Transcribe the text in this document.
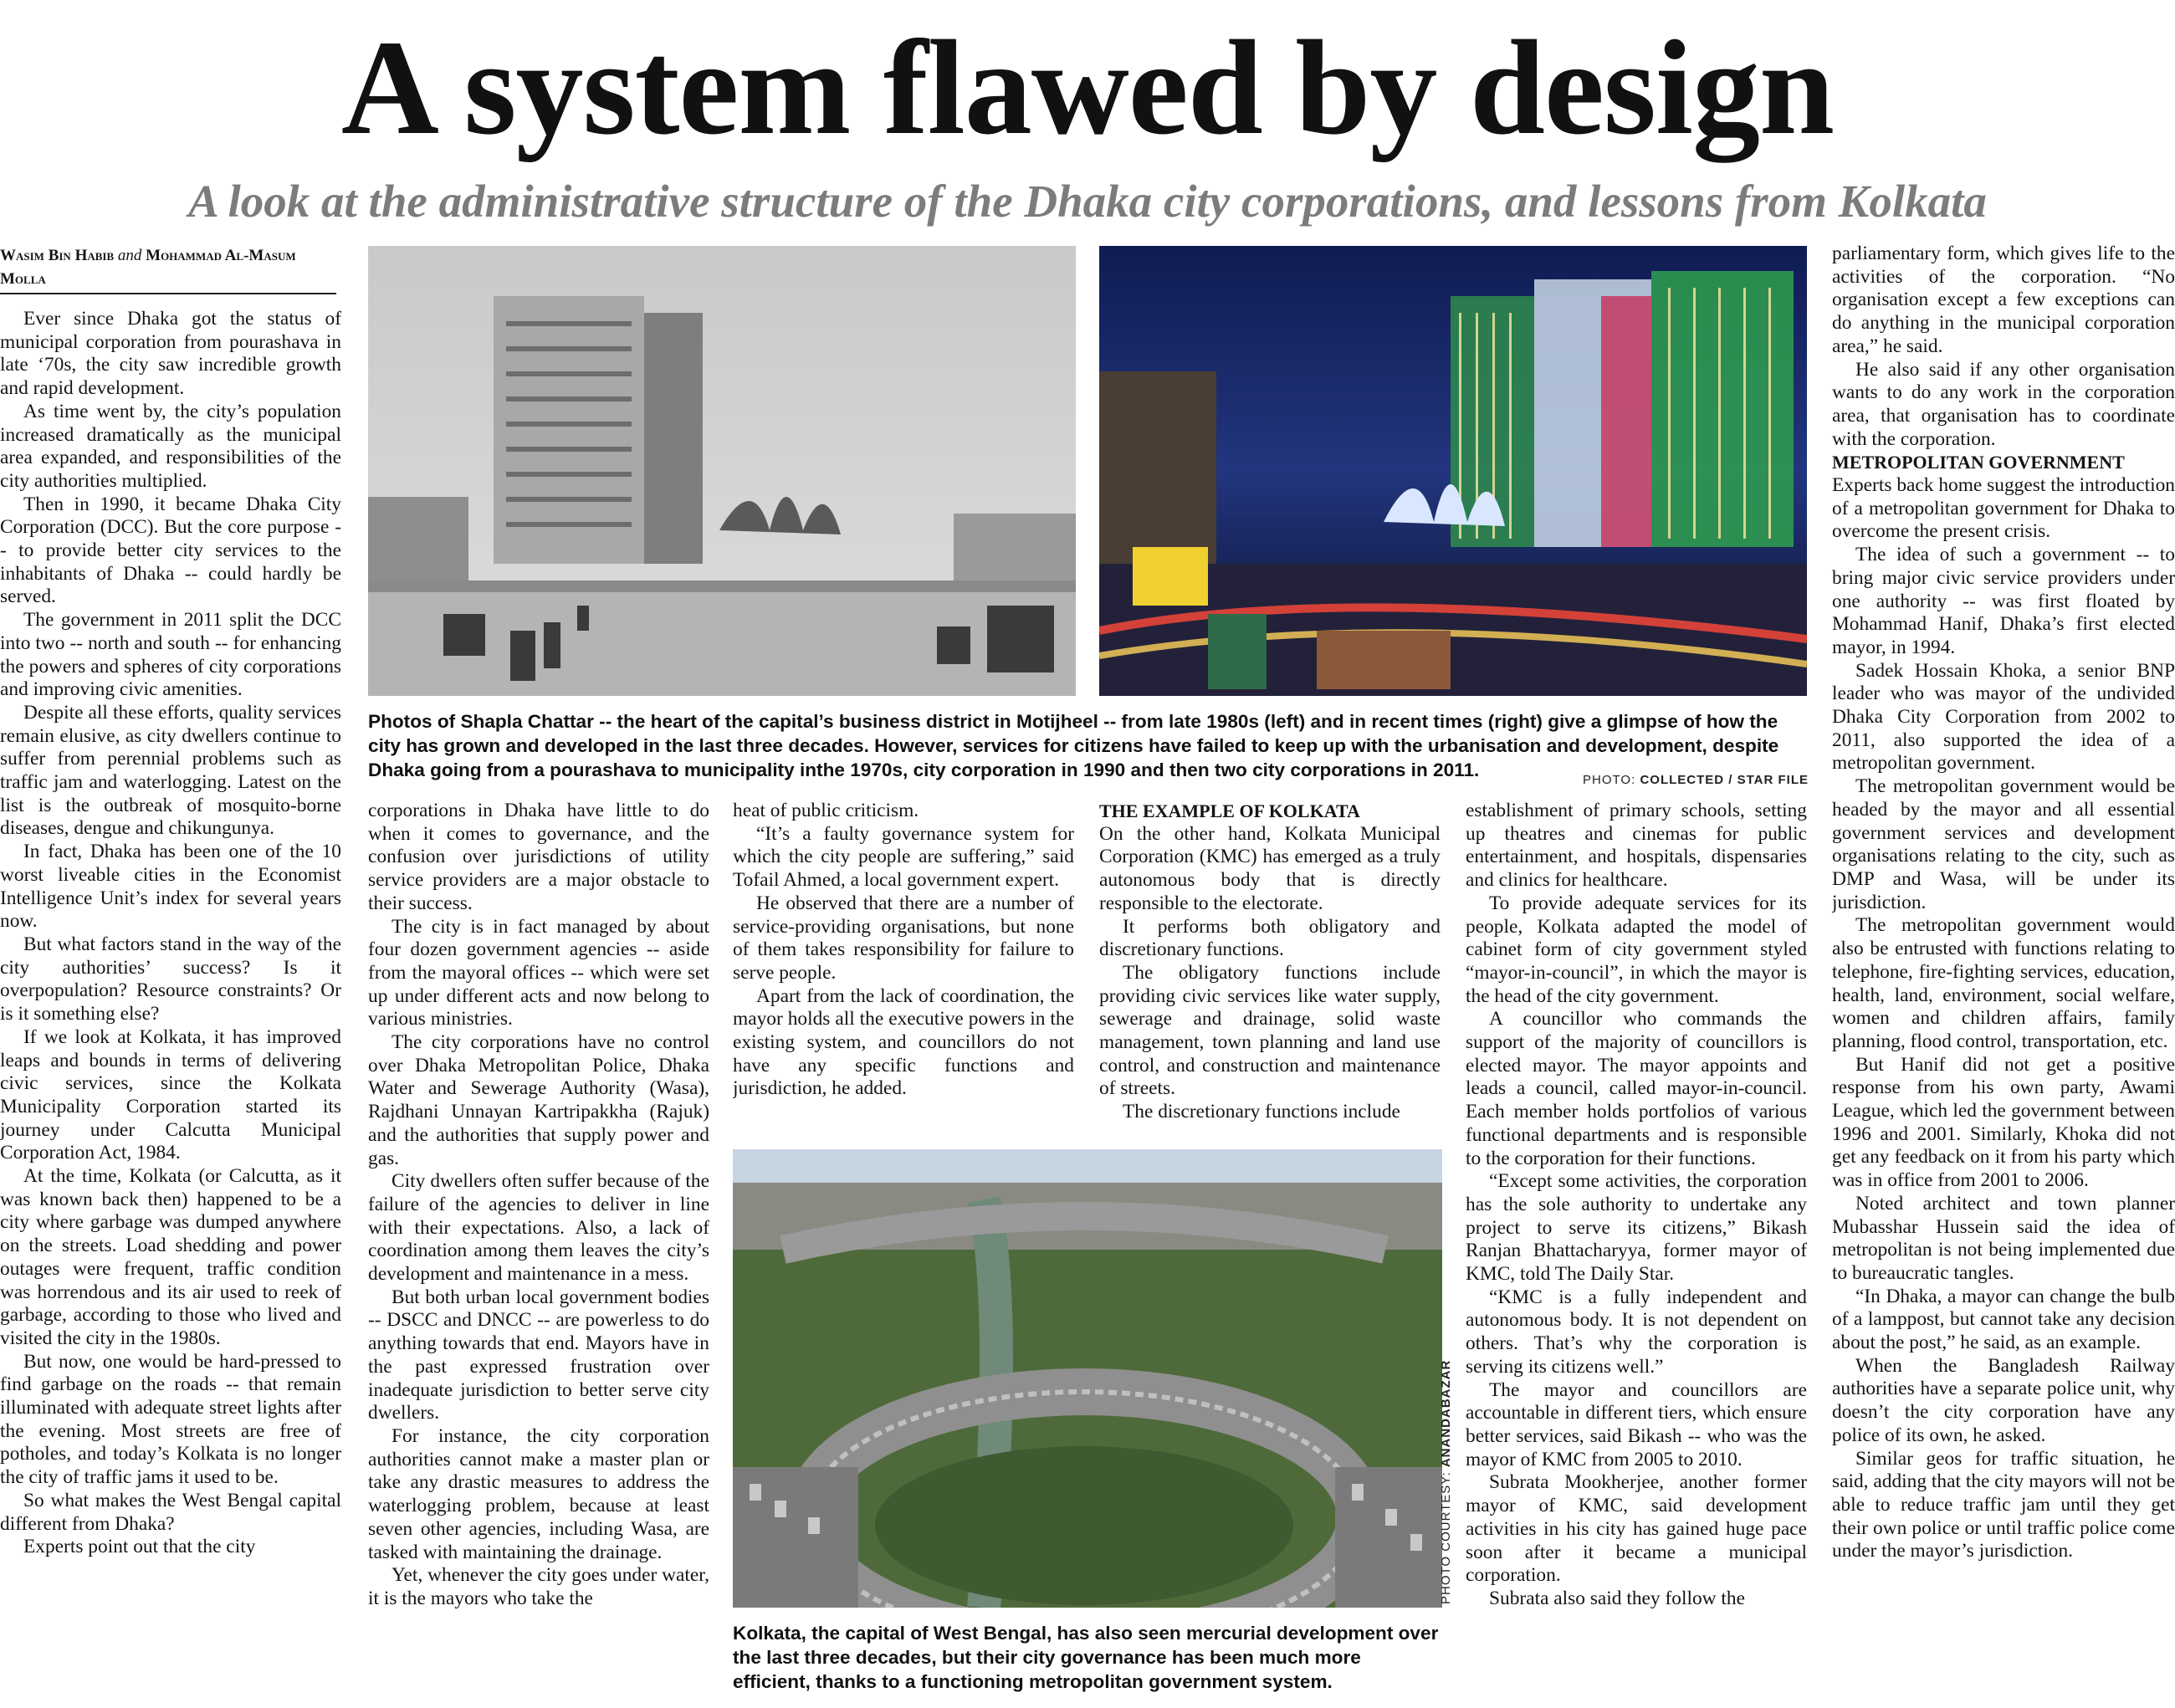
A system flawed by design
A look at the administrative structure of the Dhaka city corporations, and lessons from Kolkata
Wasim Bin Habib and Mohammad Al-Masum Molla

Ever since Dhaka got the status of municipal corporation from pourashava in late ‘70s, the city saw incredible growth and rapid development.

As time went by, the city’s population increased dramatically as the municipal area expanded, and responsibilities of the city authorities multiplied.

Then in 1990, it became Dhaka City Corporation (DCC). But the core purpose -- to provide better city services to the inhabitants of Dhaka -- could hardly be served.

The government in 2011 split the DCC into two -- north and south -- for enhancing the powers and spheres of city corporations and improving civic amenities.

Despite all these efforts, quality services remain elusive, as city dwellers continue to suffer from perennial problems such as traffic jam and waterlogging. Latest on the list is the outbreak of mosquito-borne diseases, dengue and chikungunya.

In fact, Dhaka has been one of the 10 worst liveable cities in the Economist Intelligence Unit’s index for several years now.

But what factors stand in the way of the city authorities’ success? Is it overpopulation? Resource constraints? Or is it something else?

If we look at Kolkata, it has improved leaps and bounds in terms of delivering civic services, since the Kolkata Municipality Corporation started its journey under Calcutta Municipal Corporation Act, 1984.

At the time, Kolkata (or Calcutta, as it was known back then) happened to be a city where garbage was dumped anywhere on the streets. Load shedding and power outages were frequent, traffic condition was horrendous and its air used to reek of garbage, according to those who lived and visited the city in the 1980s.

But now, one would be hard-pressed to find garbage on the roads -- that remain illuminated with adequate street lights after the evening. Most streets are free of potholes, and today’s Kolkata is no longer the city of traffic jams it used to be.

So what makes the West Bengal capital different from Dhaka?

Experts point out that the city

Photos of Shapla Chattar -- the heart of the capital’s business district in Motijheel -- from late 1980s (left) and in recent times (right) give a glimpse of how the city has grown and developed in the last three decades. However, services for citizens have failed to keep up with the urbanisation and development, despite Dhaka going from a pourashava to municipality inthe 1970s, city corporation in 1990 and then two city corporations in 2011.	PHOTO: COLLECTED / STAR FILE

corporations in Dhaka have little to do when it comes to governance, and the confusion over jurisdictions of utility service providers are a major obstacle to their success.

The city is in fact managed by about four dozen government agencies -- aside from the mayoral offices -- which were set up under different acts and now belong to various ministries.

The city corporations have no control over Dhaka Metropolitan Police, Dhaka Water and Sewerage Authority (Wasa), Rajdhani Unnayan Kartripakkha (Rajuk) and the authorities that supply power and gas.

City dwellers often suffer because of the failure of the agencies to deliver in line with their expectations. Also, a lack of coordination among them leaves the city’s development and maintenance in a mess.

But both urban local government bodies -- DSCC and DNCC -- are powerless to do anything towards that end. Mayors have in the past expressed frustration over inadequate jurisdiction to better serve city dwellers.

For instance, the city corporation authorities cannot make a master plan or take any drastic measures to address the waterlogging problem, because at least seven other agencies, including Wasa, are tasked with maintaining the drainage.

Yet, whenever the city goes under water, it is the mayors who take the

heat of public criticism.

“It’s a faulty governance system for which the city people are suffering,” said Tofail Ahmed, a local government expert.

He observed that there are a number of service-providing organisations, but none of them takes responsibility for failure to serve people.

Apart from the lack of coordination, the mayor holds all the executive powers in the existing system, and councillors do not have any specific functions and jurisdiction, he added.

THE EXAMPLE OF KOLKATA

On the other hand, Kolkata Municipal Corporation (KMC) has emerged as a truly autonomous body that is directly responsible to the electorate.

It performs both obligatory and discretionary functions.

The obligatory functions include providing civic services like water supply, sewerage and drainage, solid waste management, town planning and land use control, and construction and maintenance of streets.

The discretionary functions include

PHOTO COURTESY: ANANDABAZAR
Kolkata, the capital of West Bengal, has also seen mercurial development over the last three decades, but their city governance has been much more efficient, thanks to a functioning metropolitan government system.

establishment of primary schools, setting up theatres and cinemas for public entertainment, and hospitals, dispensaries and clinics for healthcare.

To provide adequate services for its people, Kolkata adapted the model of cabinet form of city government styled “mayor-in-council”, in which the mayor is the head of the city government.

A councillor who commands the support of the majority of councillors is elected mayor. The mayor appoints and leads a council, called mayor-in-council. Each member holds portfolios of various functional departments and is responsible to the corporation for their functions.

“Except some activities, the corporation has the sole authority to undertake any project to serve its citizens,” Bikash Ranjan Bhattacharyya, former mayor of KMC, told The Daily Star.

“KMC is a fully independent and autonomous body. It is not dependent on others. That’s why the corporation is serving its citizens well.”

The mayor and councillors are accountable in different tiers, which ensure better services, said Bikash -- who was the mayor of KMC from 2005 to 2010.

Subrata Mookherjee, another former mayor of KMC, said development activities in his city has gained huge pace soon after it became a municipal corporation.

Subrata also said they follow the

parliamentary form, which gives life to the activities of the corporation. “No organisation except a few exceptions can do anything in the municipal corporation area,” he said.

He also said if any other organisation wants to do any work in the corporation area, that organisation has to coordinate with the corporation.

METROPOLITAN GOVERNMENT

Experts back home suggest the introduction of a metropolitan government for Dhaka to overcome the present crisis.

The idea of such a government -- to bring major civic service providers under one authority -- was first floated by Mohammad Hanif, Dhaka’s first elected mayor, in 1994.

Sadek Hossain Khoka, a senior BNP leader who was mayor of the undivided Dhaka City Corporation from 2002 to 2011, also supported the idea of a metropolitan government.

The metropolitan government would be headed by the mayor and all essential government services and development organisations relating to the city, such as DMP and Wasa, will be under its jurisdiction.

The metropolitan government would also be entrusted with functions relating to telephone, fire-fighting services, education, health, land, environment, social welfare, women and children affairs, family planning, flood control, transportation, etc.

But Hanif did not get a positive response from his own party, Awami League, which led the government between 1996 and 2001. Similarly, Khoka did not get any feedback on it from his party which was in office from 2001 to 2006.

Noted architect and town planner Mubasshar Hussein said the idea of metropolitan is not being implemented due to bureaucratic tangles.

“In Dhaka, a mayor can change the bulb of a lamppost, but cannot take any decision about the post,” he said, as an example.

When the Bangladesh Railway authorities have a separate police unit, why doesn’t the city corporation have any police of its own, he asked.

Similar geos for traffic situation, he said, adding that the city mayors will not be able to reduce traffic jam until they get their own police or until traffic police come under the mayor’s jurisdiction.
